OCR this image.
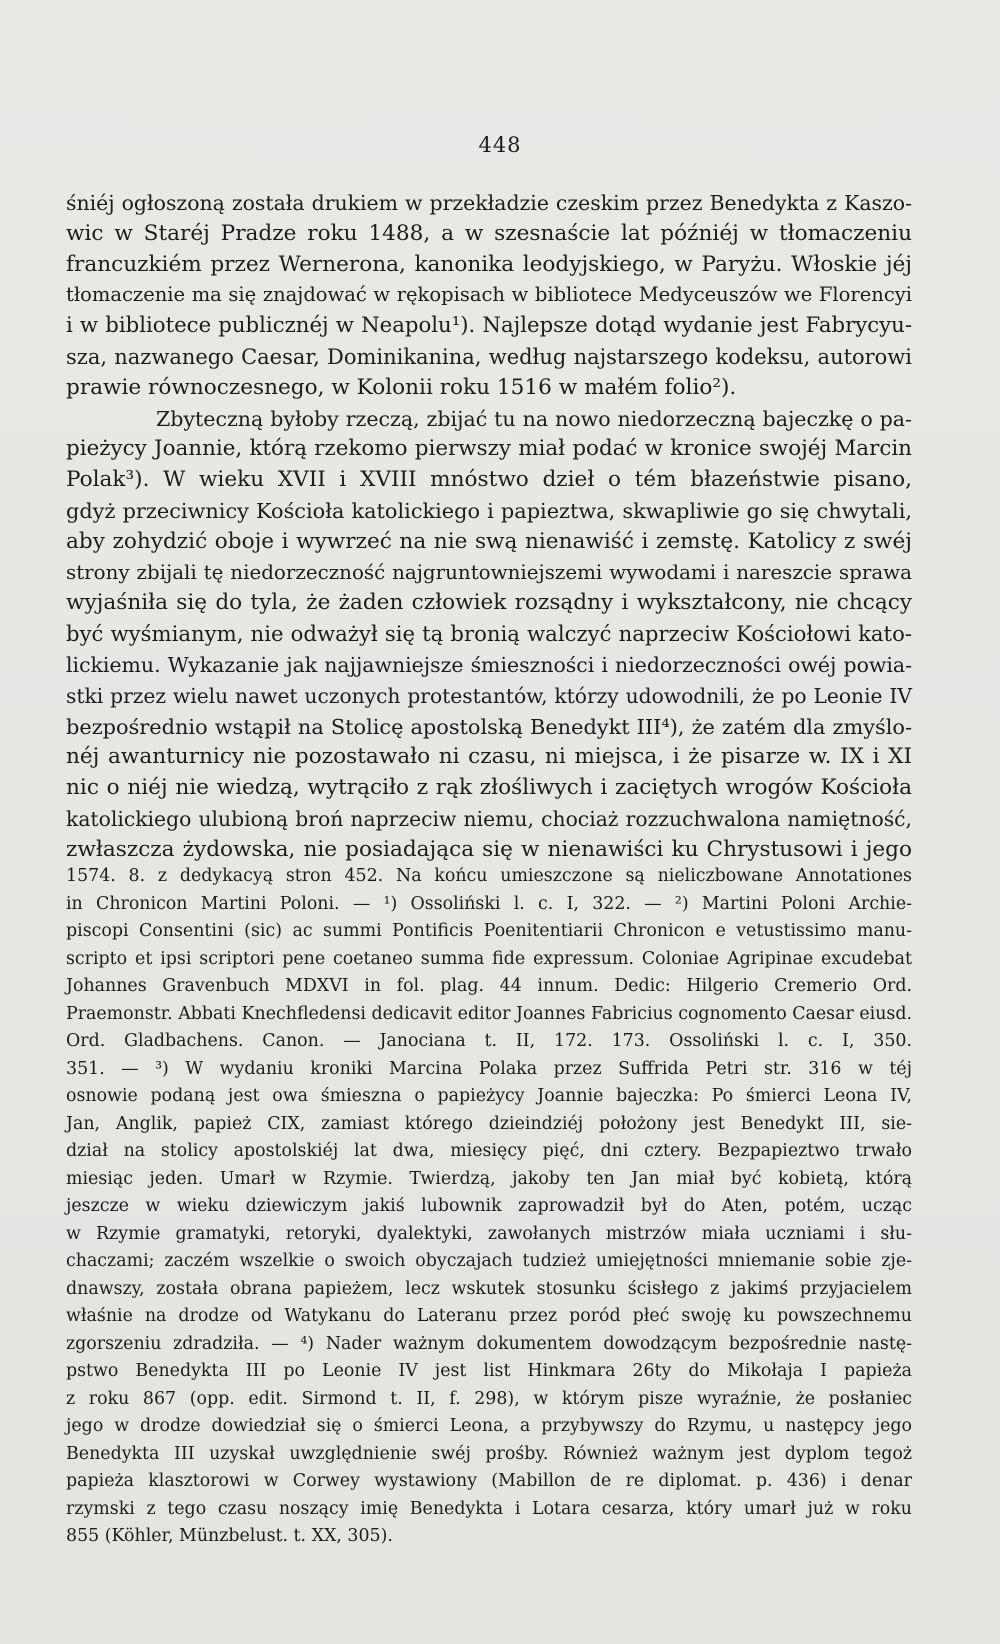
448
śniéj ogłoszoną została drukiem w przekładzie czeskim przez Benedykta z Kaszo-
wic w Staréj Pradze roku 1488, a w szesnaście lat późniéj w tłomaczeniu
francuzkiém przez Wernerona, kanonika leodyjskiego, w Paryżu. Włoskie jéj
tłomaczenie ma się znajdować w rękopisach w bibliotece Medyceuszów we Florencyi
i w bibliotece publicznéj w Neapolu¹). Najlepsze dotąd wydanie jest Fabrycyu-
sza, nazwanego Caesar, Dominikanina, według najstarszego kodeksu, autorowi
prawie równoczesnego, w Kolonii roku 1516 w małém folio²).
Zbyteczną byłoby rzeczą, zbijać tu na nowo niedorzeczną bajeczkę o pa-
pieżycy Joannie, którą rzekomo pierwszy miał podać w kronice swojéj Marcin
Polak³). W wieku XVII i XVIII mnóstwo dzieł o tém błazeństwie pisano,
gdyż przeciwnicy Kościoła katolickiego i papieztwa, skwapliwie go się chwytali,
aby zohydzić oboje i wywrzeć na nie swą nienawiść i zemstę. Katolicy z swéj
strony zbijali tę niedorzeczność najgruntowniejszemi wywodami i nareszcie sprawa
wyjaśniła się do tyla, że żaden człowiek rozsądny i wykształcony, nie chcący
być wyśmianym, nie odważył się tą bronią walczyć naprzeciw Kościołowi kato-
lickiemu. Wykazanie jak najjawniejsze śmieszności i niedorzeczności owéj powia-
stki przez wielu nawet uczonych protestantów, którzy udowodnili, że po Leonie IV
bezpośrednio wstąpił na Stolicę apostolską Benedykt III⁴), że zatém dla zmyślo-
néj awanturnicy nie pozostawało ni czasu, ni miejsca, i że pisarze w. IX i XI
nic o niéj nie wiedzą, wytrąciło z rąk złośliwych i zaciętych wrogów Kościoła
katolickiego ulubioną broń naprzeciw niemu, chociaż rozzuchwalona namiętność,
zwłaszcza żydowska, nie posiadająca się w nienawiści ku Chrystusowi i jego
1574. 8. z dedykacyą stron 452. Na końcu umieszczone są nieliczbowane Annotationes
in Chronicon Martini Poloni. — ¹) Ossoliński l. c. I, 322. — ²) Martini Poloni Archie-
piscopi Consentini (sic) ac summi Pontificis Poenitentiarii Chronicon e vetustissimo manu-
scripto et ipsi scriptori pene coetaneo summa fide expressum. Coloniae Agripinae excudebat
Johannes Gravenbuch MDXVI in fol. plag. 44 innum. Dedic: Hilgerio Cremerio Ord.
Praemonstr. Abbati Knechfledensi dedicavit editor Joannes Fabricius cognomento Caesar eiusd.
Ord. Gladbachens. Canon. — Janociana t. II, 172. 173. Ossoliński l. c. I, 350.
351. — ³) W wydaniu kroniki Marcina Polaka przez Suffrida Petri str. 316 w téj
osnowie podaną jest owa śmieszna o papieżycy Joannie bajeczka: Po śmierci Leona IV,
Jan, Anglik, papież CIX, zamiast którego dzieindziéj położony jest Benedykt III, sie-
dział na stolicy apostolskiéj lat dwa, miesięcy pięć, dni cztery. Bezpapieztwo trwało
miesiąc jeden. Umarł w Rzymie. Twierdzą, jakoby ten Jan miał być kobietą, którą
jeszcze w wieku dziewiczym jakiś lubownik zaprowadził był do Aten, potém, ucząc
w Rzymie gramatyki, retoryki, dyalektyki, zawołanych mistrzów miała uczniami i słu-
chaczami; zaczém wszelkie o swoich obyczajach tudzież umiejętności mniemanie sobie zje-
dnawszy, została obrana papieżem, lecz wskutek stosunku ścisłego z jakimś przyjacielem
właśnie na drodze od Watykanu do Lateranu przez poród płeć swoję ku powszechnemu
zgorszeniu zdradziła. — ⁴) Nader ważnym dokumentem dowodzącym bezpośrednie nastę-
pstwo Benedykta III po Leonie IV jest list Hinkmara 26ty do Mikołaja I papieża
z roku 867 (opp. edit. Sirmond t. II, f. 298), w którym pisze wyraźnie, że posłaniec
jego w drodze dowiedział się o śmierci Leona, a przybywszy do Rzymu, u następcy jego
Benedykta III uzyskał uwzględnienie swéj prośby. Również ważnym jest dyplom tegoż
papieża klasztorowi w Corwey wystawiony (Mabillon de re diplomat. p. 436) i denar
rzymski z tego czasu noszący imię Benedykta i Lotara cesarza, który umarł już w roku
855 (Köhler, Münzbelust. t. XX, 305).
